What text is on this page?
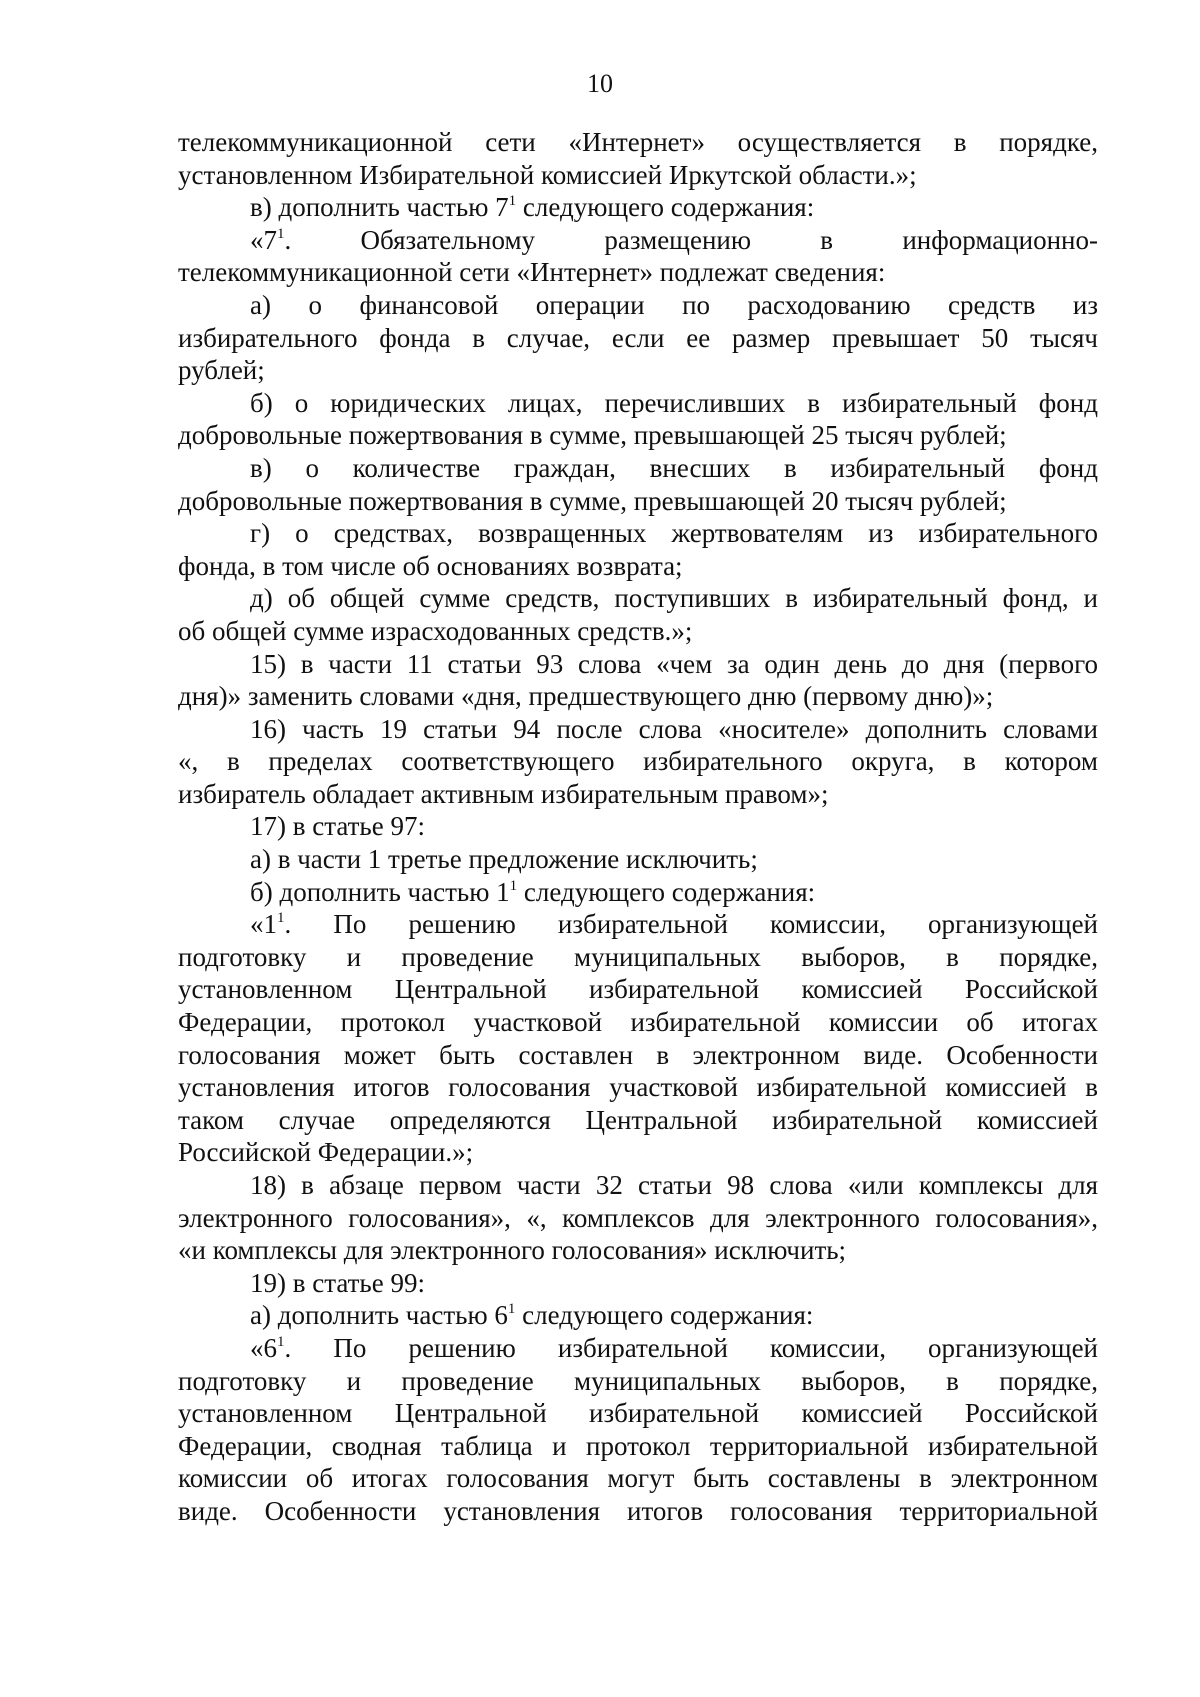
10
телекоммуникационной сети «Интернет» осуществляется в порядке,
установленном Избирательной комиссией Иркутской области.»;
в) дополнить частью $7^1$ следующего содержания:
«$7^1$. Обязательному размещению в информационно-
телекоммуникационной сети «Интернет» подлежат сведения:
а) о финансовой операции по расходованию средств из
избирательного фонда в случае, если ее размер превышает 50 тысяч
рублей;
б) о юридических лицах, перечисливших в избирательный фонд
добровольные пожертвования в сумме, превышающей 25 тысяч рублей;
в) о количестве граждан, внесших в избирательный фонд
добровольные пожертвования в сумме, превышающей 20 тысяч рублей;
г) о средствах, возвращенных жертвователям из избирательного
фонда, в том числе об основаниях возврата;
д) об общей сумме средств, поступивших в избирательный фонд, и
об общей сумме израсходованных средств.»;
15) в части 11 статьи 93 слова «чем за один день до дня (первого
дня)» заменить словами «дня, предшествующего дню (первому дню)»;
16) часть 19 статьи 94 после слова «носителе» дополнить словами
«, в пределах соответствующего избирательного округа, в котором
избиратель обладает активным избирательным правом»;
17) в статье 97:
а) в части 1 третье предложение исключить;
б) дополнить частью $1^1$ следующего содержания:
«$1^1$. По решению избирательной комиссии, организующей
подготовку и проведение муниципальных выборов, в порядке,
установленном Центральной избирательной комиссией Российской
Федерации, протокол участковой избирательной комиссии об итогах
голосования может быть составлен в электронном виде. Особенности
установления итогов голосования участковой избирательной комиссией в
таком случае определяются Центральной избирательной комиссией
Российской Федерации.»;
18) в абзаце первом части 32 статьи 98 слова «или комплексы для
электронного голосования», «, комплексов для электронного голосования»,
«и комплексы для электронного голосования» исключить;
19) в статье 99:
а) дополнить частью $6^1$ следующего содержания:
«$6^1$. По решению избирательной комиссии, организующей
подготовку и проведение муниципальных выборов, в порядке,
установленном Центральной избирательной комиссией Российской
Федерации, сводная таблица и протокол территориальной избирательной
комиссии об итогах голосования могут быть составлены в электронном
виде. Особенности установления итогов голосования территориальной
